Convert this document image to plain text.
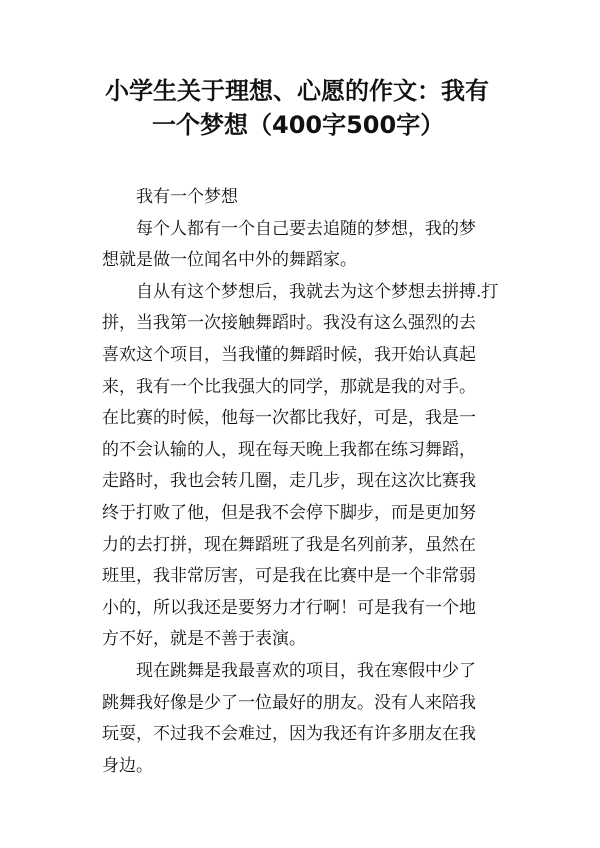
小学生关于理想、心愿的作文：我有
一个梦想（400字500字）
我有一个梦想
每个人都有一个自己要去追随的梦想，我的梦
想就是做一位闻名中外的舞蹈家。
自从有这个梦想后，我就去为这个梦想去拼搏.打
拼，当我第一次接触舞蹈时。我没有这么强烈的去
喜欢这个项目，当我懂的舞蹈时候，我开始认真起
来，我有一个比我强大的同学，那就是我的对手。
在比赛的时候，他每一次都比我好，可是，我是一
的不会认输的人，现在每天晚上我都在练习舞蹈，
走路时，我也会转几圈，走几步，现在这次比赛我
终于打败了他，但是我不会停下脚步，而是更加努
力的去打拼，现在舞蹈班了我是名列前茅，虽然在
班里，我非常厉害，可是我在比赛中是一个非常弱
小的，所以我还是要努力才行啊！可是我有一个地
方不好，就是不善于表演。
现在跳舞是我最喜欢的项目，我在寒假中少了
跳舞我好像是少了一位最好的朋友。没有人来陪我
玩耍，不过我不会难过，因为我还有许多朋友在我
身边。
